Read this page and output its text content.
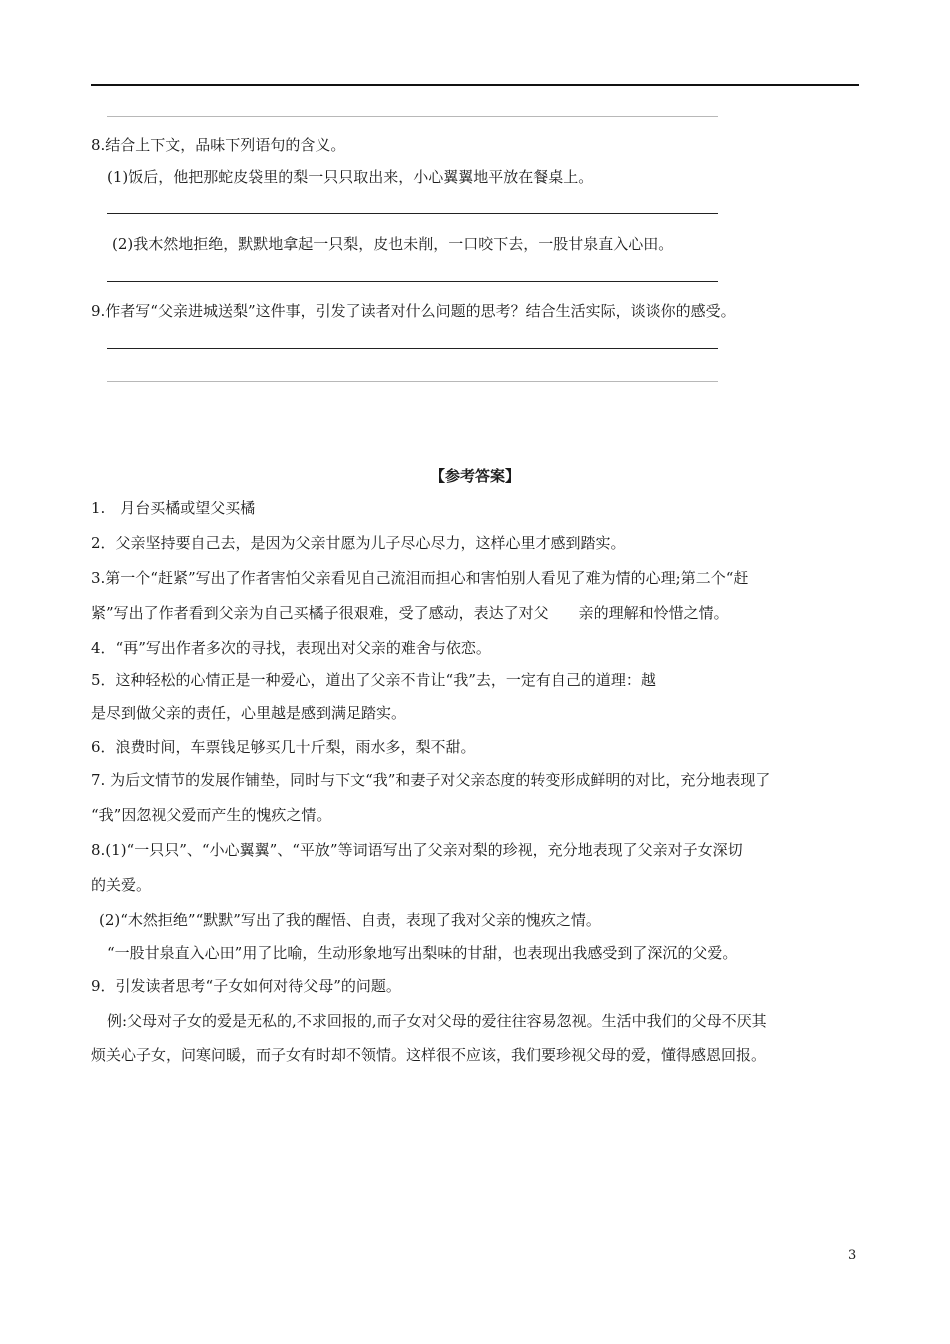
8.结合上下文，品味下列语句的含义。
(1)饭后，他把那蛇皮袋里的梨一只只取出来，小心翼翼地平放在餐桌上。
(2)我木然地拒绝，默默地拿起一只梨，皮也未削，一口咬下去，一股甘泉直入心田。
9.作者写“父亲进城送梨”这件事，引发了读者对什么问题的思考？结合生活实际，谈谈你的感受。
【参考答案】
1.　月台买橘或望父买橘
2．父亲坚持要自己去，是因为父亲甘愿为儿子尽心尽力，这样心里才感到踏实。
3.第一个“赶紧”写出了作者害怕父亲看见自己流泪而担心和害怕别人看见了难为情的心理;第二个“赶
紧”写出了作者看到父亲为自己买橘子很艰难，受了感动，表达了对父　　亲的理解和怜惜之情。
4．“再”写出作者多次的寻找，表现出对父亲的难舍与依恋。
5．这种轻松的心情正是一种爱心，道出了父亲不肯让“我”去，一定有自己的道理：越
是尽到做父亲的责任，心里越是感到满足踏实。
6．浪费时间，车票钱足够买几十斤梨，雨水多，梨不甜。
7. 为后文情节的发展作铺垫，同时与下文“我”和妻子对父亲态度的转变形成鲜明的对比，充分地表现了
“我”因忽视父爱而产生的愧疚之情。
8.(1)“一只只”、“小心翼翼”、“平放”等词语写出了父亲对梨的珍视，充分地表现了父亲对子女深切
的关爱。
(2)“木然拒绝”“默默”写出了我的醒悟、自责，表现了我对父亲的愧疚之情。
“一股甘泉直入心田”用了比喻，生动形象地写出梨味的甘甜，也表现出我感受到了深沉的父爱。
9．引发读者思考“子女如何对待父母”的问题。
例:父母对子女的爱是无私的,不求回报的,而子女对父母的爱往往容易忽视。生活中我们的父母不厌其
烦关心子女，问寒问暖，而子女有时却不领情。这样很不应该，我们要珍视父母的爱，懂得感恩回报。
3
